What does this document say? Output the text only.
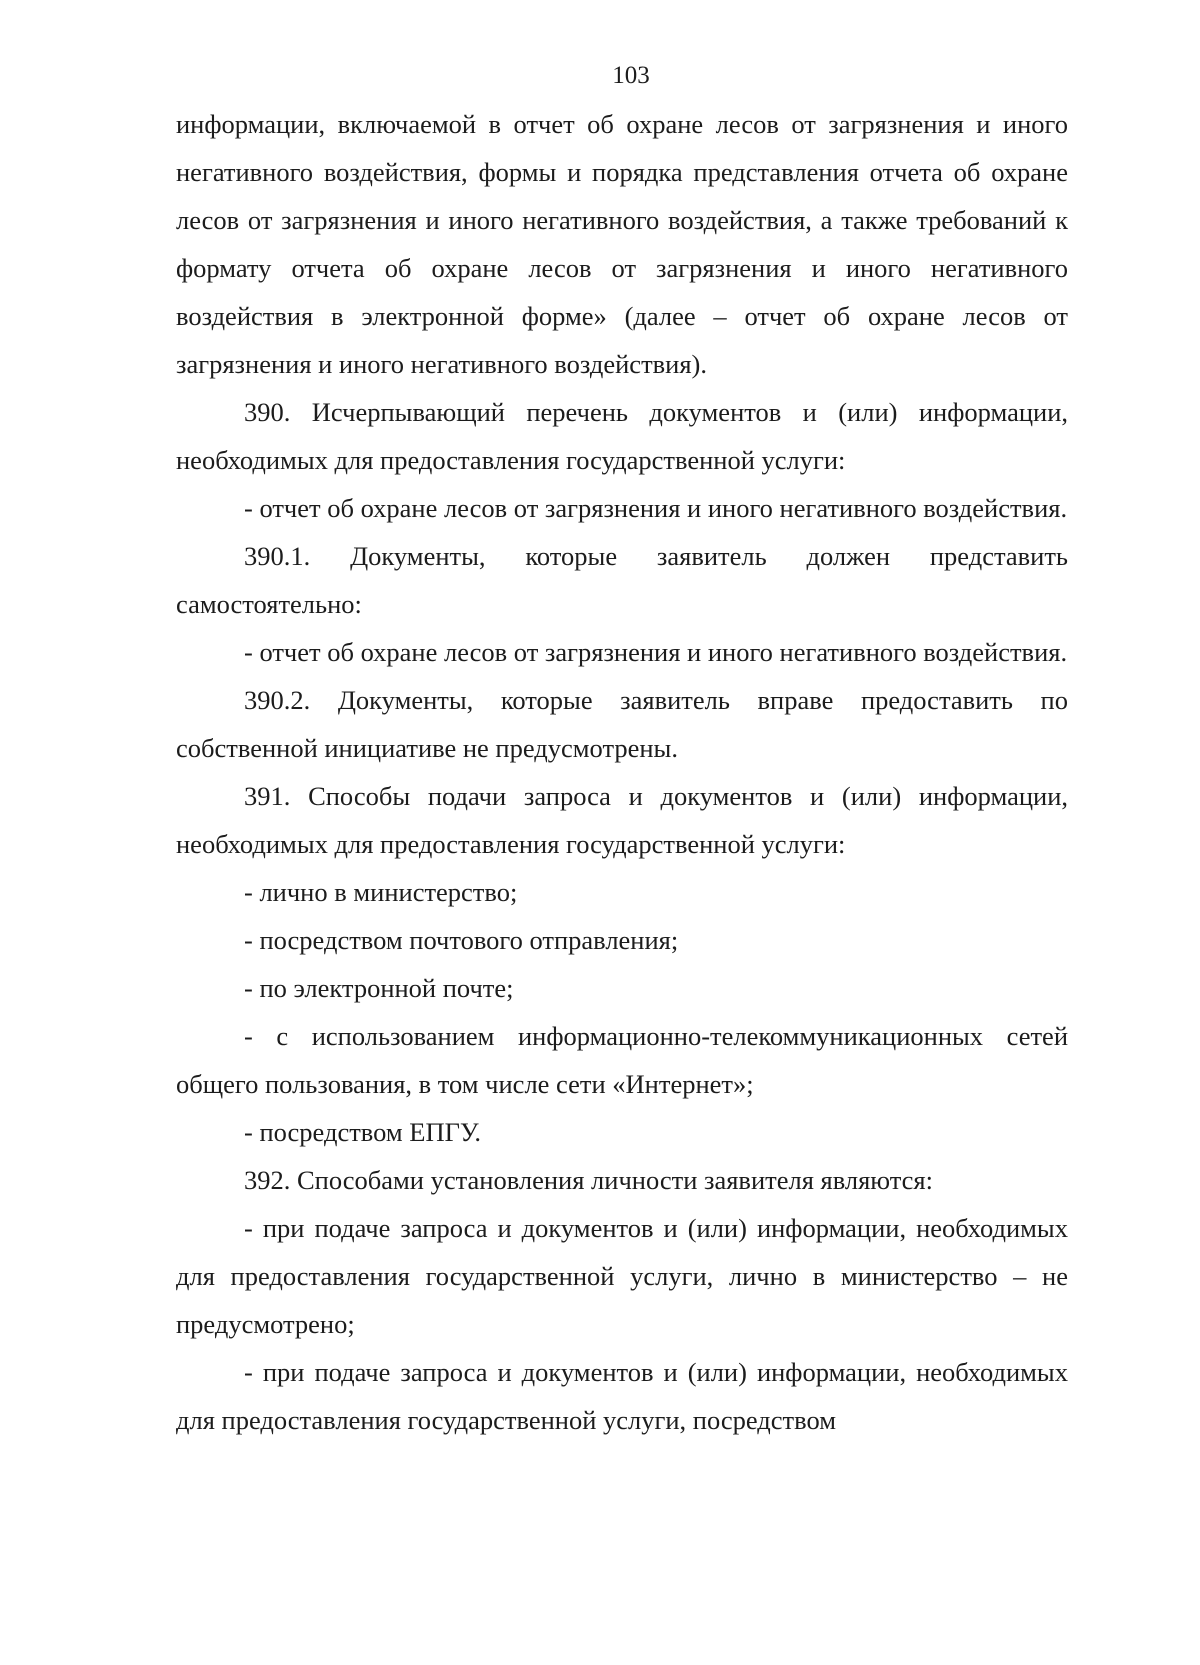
103

информации, включаемой в отчет об охране лесов от загрязнения и иного негативного воздействия, формы и порядка представления отчета об охране лесов от загрязнения и иного негативного воздействия, а также требований к формату отчета об охране лесов от загрязнения и иного негативного воздействия в электронной форме» (далее – отчет об охране лесов от загрязнения и иного негативного воздействия).

390. Исчерпывающий перечень документов и (или) информации, необходимых для предоставления государственной услуги:

- отчет об охране лесов от загрязнения и иного негативного воздействия.

390.1. Документы, которые заявитель должен представить самостоятельно:

- отчет об охране лесов от загрязнения и иного негативного воздействия.

390.2. Документы, которые заявитель вправе предоставить по собственной инициативе не предусмотрены.

391. Способы подачи запроса и документов и (или) информации, необходимых для предоставления государственной услуги:

- лично в министерство;

- посредством почтового отправления;

- по электронной почте;

- с использованием информационно-телекоммуникационных сетей общего пользования, в том числе сети «Интернет»;

- посредством ЕПГУ.

392. Способами установления личности заявителя являются:

- при подаче запроса и документов и (или) информации, необходимых для предоставления государственной услуги, лично в министерство – не предусмотрено;

- при подаче запроса и документов и (или) информации, необходимых для предоставления государственной услуги, посредством
